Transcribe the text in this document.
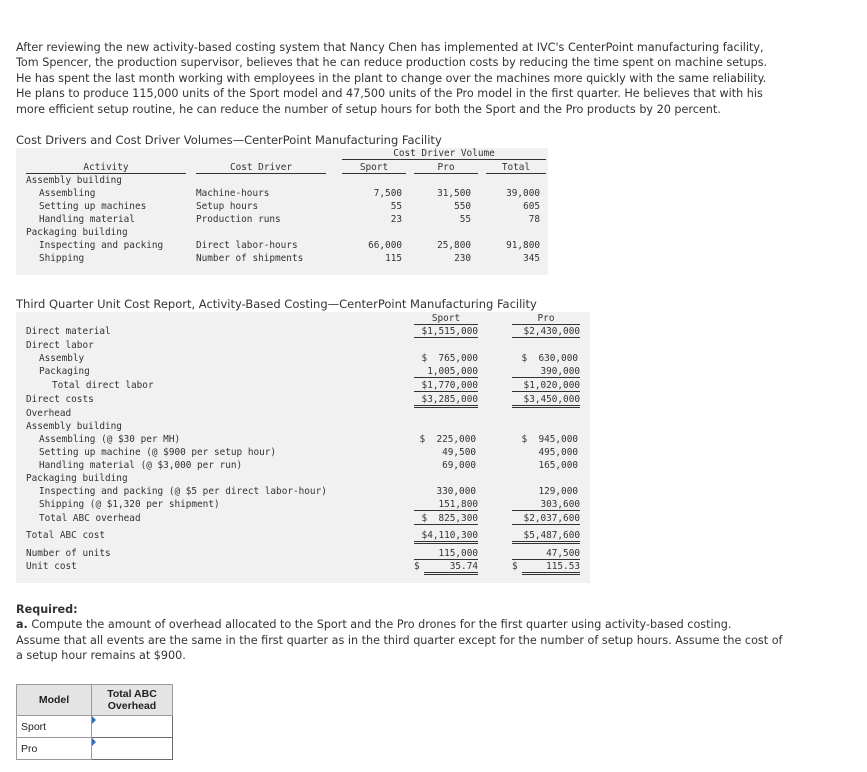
After reviewing the new activity-based costing system that Nancy Chen has implemented at IVC's CenterPoint manufacturing facility,
Tom Spencer, the production supervisor, believes that he can reduce production costs by reducing the time spent on machine setups.
He has spent the last month working with employees in the plant to change over the machines more quickly with the same reliability.
He plans to produce 115,000 units of the Sport model and 47,500 units of the Pro model in the first quarter. He believes that with his
more efficient setup routine, he can reduce the number of setup hours for both the Sport and the Pro products by 20 percent.
Cost Drivers and Cost Driver Volumes—CenterPoint Manufacturing Facility
Cost Driver Volume
Activity	Cost Driver	Sport	Pro	Total
Assembly building
Assembling	Machine-hours	7,500	31,500	39,000
Setting up machines	Setup hours	55	550	605
Handling material	Production runs	23	55	78
Packaging building
Inspecting and packing	Direct labor-hours	66,000	25,800	91,800
Shipping	Number of shipments	115	230	345
Third Quarter Unit Cost Report, Activity-Based Costing—CenterPoint Manufacturing Facility
Sport	Pro
Direct material	$1,515,000	$2,430,000
Direct labor
Assembly	$  765,000	$  630,000
Packaging	1,005,000	390,000
Total direct labor	$1,770,000	$1,020,000
Direct costs	$3,285,000	$3,450,000
Overhead
Assembly building
Assembling (@ $30 per MH)	$  225,000	$  945,000
Setting up machine (@ $900 per setup hour)	49,500	495,000
Handling material (@ $3,000 per run)	69,000	165,000
Packaging building
Inspecting and packing (@ $5 per direct labor-hour)	330,000	129,000
Shipping (@ $1,320 per shipment)	151,800	303,600
Total ABC overhead	$  825,300	$2,037,600
Total ABC cost	$4,110,300	$5,487,600
Number of units	115,000	47,500
Unit cost	$	35.74	$	115.53
Required:
a. Compute the amount of overhead allocated to the Sport and the Pro drones for the first quarter using activity-based costing.
Assume that all events are the same in the first quarter as in the third quarter except for the number of setup hours. Assume the cost of
a setup hour remains at $900.
Model	Total ABC
Overhead

Sport	

Pro	
